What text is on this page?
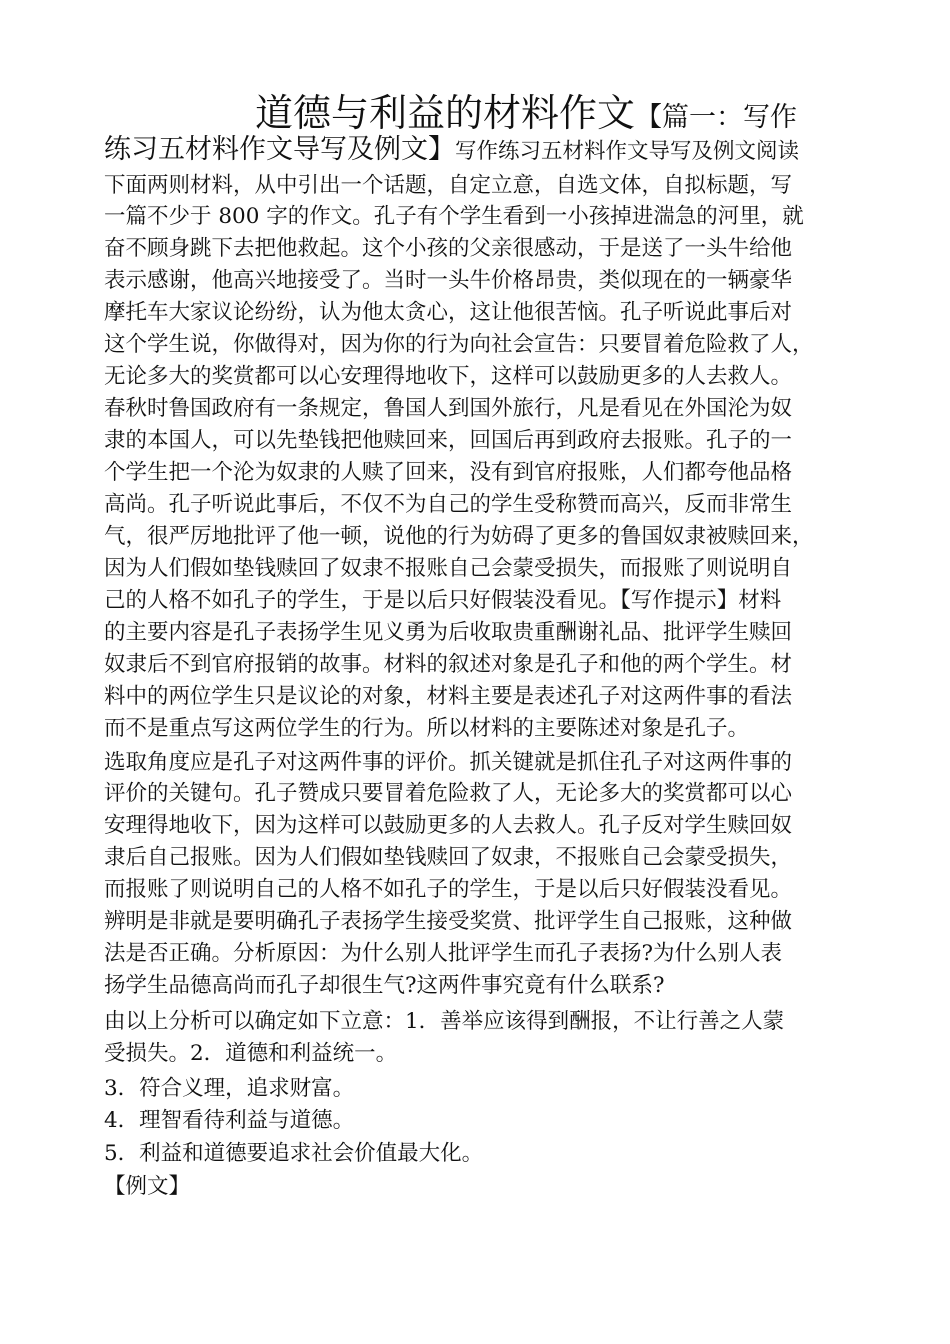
道德与利益的材料作文【篇一：写作
练习五材料作文导写及例文】写作练习五材料作文导写及例文阅读
下面两则材料，从中引出一个话题，自定立意，自选文体，自拟标题，写
一篇不少于 800 字的作文。孔子有个学生看到一小孩掉进湍急的河里，就
奋不顾身跳下去把他救起。这个小孩的父亲很感动，于是送了一头牛给他
表示感谢，他高兴地接受了。当时一头牛价格昂贵，类似现在的一辆豪华
摩托车大家议论纷纷，认为他太贪心，这让他很苦恼。孔子听说此事后对
这个学生说，你做得对，因为你的行为向社会宣告：只要冒着危险救了人，
无论多大的奖赏都可以心安理得地收下，这样可以鼓励更多的人去救人。
春秋时鲁国政府有一条规定，鲁国人到国外旅行，凡是看见在外国沦为奴
隶的本国人，可以先垫钱把他赎回来，回国后再到政府去报账。孔子的一
个学生把一个沦为奴隶的人赎了回来，没有到官府报账，人们都夸他品格
高尚。孔子听说此事后，不仅不为自己的学生受称赞而高兴，反而非常生
气，很严厉地批评了他一顿，说他的行为妨碍了更多的鲁国奴隶被赎回来，
因为人们假如垫钱赎回了奴隶不报账自己会蒙受损失，而报账了则说明自
己的人格不如孔子的学生，于是以后只好假装没看见。【写作提示】材料
的主要内容是孔子表扬学生见义勇为后收取贵重酬谢礼品、批评学生赎回
奴隶后不到官府报销的故事。材料的叙述对象是孔子和他的两个学生。材
料中的两位学生只是议论的对象，材料主要是表述孔子对这两件事的看法
而不是重点写这两位学生的行为。所以材料的主要陈述对象是孔子。
选取角度应是孔子对这两件事的评价。抓关键就是抓住孔子对这两件事的
评价的关键句。孔子赞成只要冒着危险救了人，无论多大的奖赏都可以心
安理得地收下，因为这样可以鼓励更多的人去救人。孔子反对学生赎回奴
隶后自己报账。因为人们假如垫钱赎回了奴隶，不报账自己会蒙受损失，
而报账了则说明自己的人格不如孔子的学生，于是以后只好假装没看见。
辨明是非就是要明确孔子表扬学生接受奖赏、批评学生自己报账，这种做
法是否正确。分析原因：为什么别人批评学生而孔子表扬?为什么别人表
扬学生品德高尚而孔子却很生气?这两件事究竟有什么联系?
由以上分析可以确定如下立意：1．善举应该得到酬报，不让行善之人蒙
受损失。2．道德和利益统一。
3．符合义理，追求财富。
4．理智看待利益与道德。
5．利益和道德要追求社会价值最大化。
【例文】
